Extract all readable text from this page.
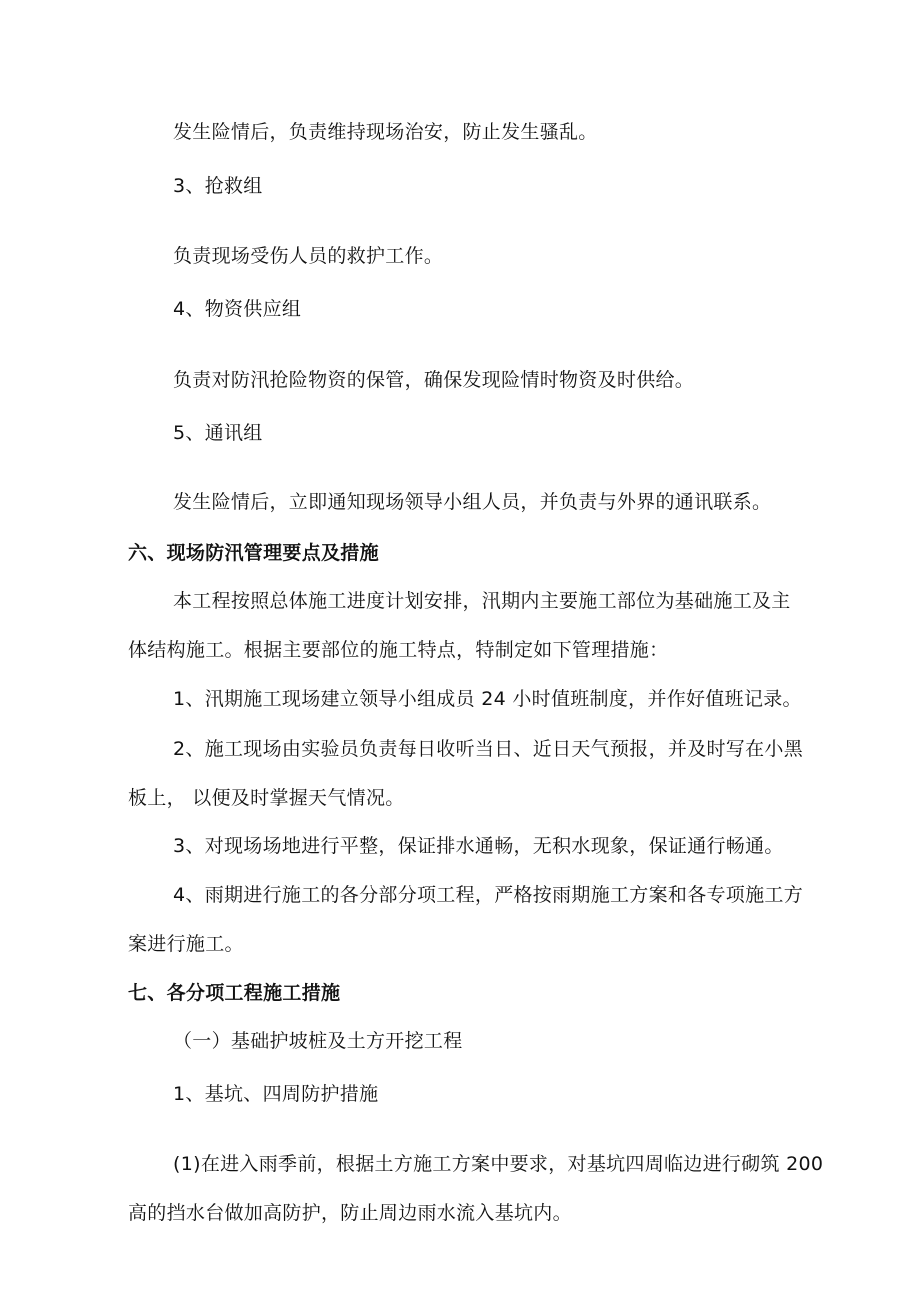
发生险情后，负责维持现场治安，防止发生骚乱。
3、抢救组
负责现场受伤人员的救护工作。
4、物资供应组
负责对防汛抢险物资的保管，确保发现险情时物资及时供给。
5、通讯组
发生险情后，立即通知现场领导小组人员，并负责与外界的通讯联系。
六、现场防汛管理要点及措施
本工程按照总体施工进度计划安排，汛期内主要施工部位为基础施工及主
体结构施工。根据主要部位的施工特点，特制定如下管理措施：
1、汛期施工现场建立领导小组成员 24 小时值班制度，并作好值班记录。
2、施工现场由实验员负责每日收听当日、近日天气预报，并及时写在小黑
板上， 以便及时掌握天气情况。
3、对现场场地进行平整，保证排水通畅，无积水现象，保证通行畅通。
4、雨期进行施工的各分部分项工程，严格按雨期施工方案和各专项施工方
案进行施工。
七、各分项工程施工措施
（一）基础护坡桩及土方开挖工程
1、基坑、四周防护措施
(1)在进入雨季前，根据土方施工方案中要求，对基坑四周临边进行砌筑 200
高的挡水台做加高防护，防止周边雨水流入基坑内。
